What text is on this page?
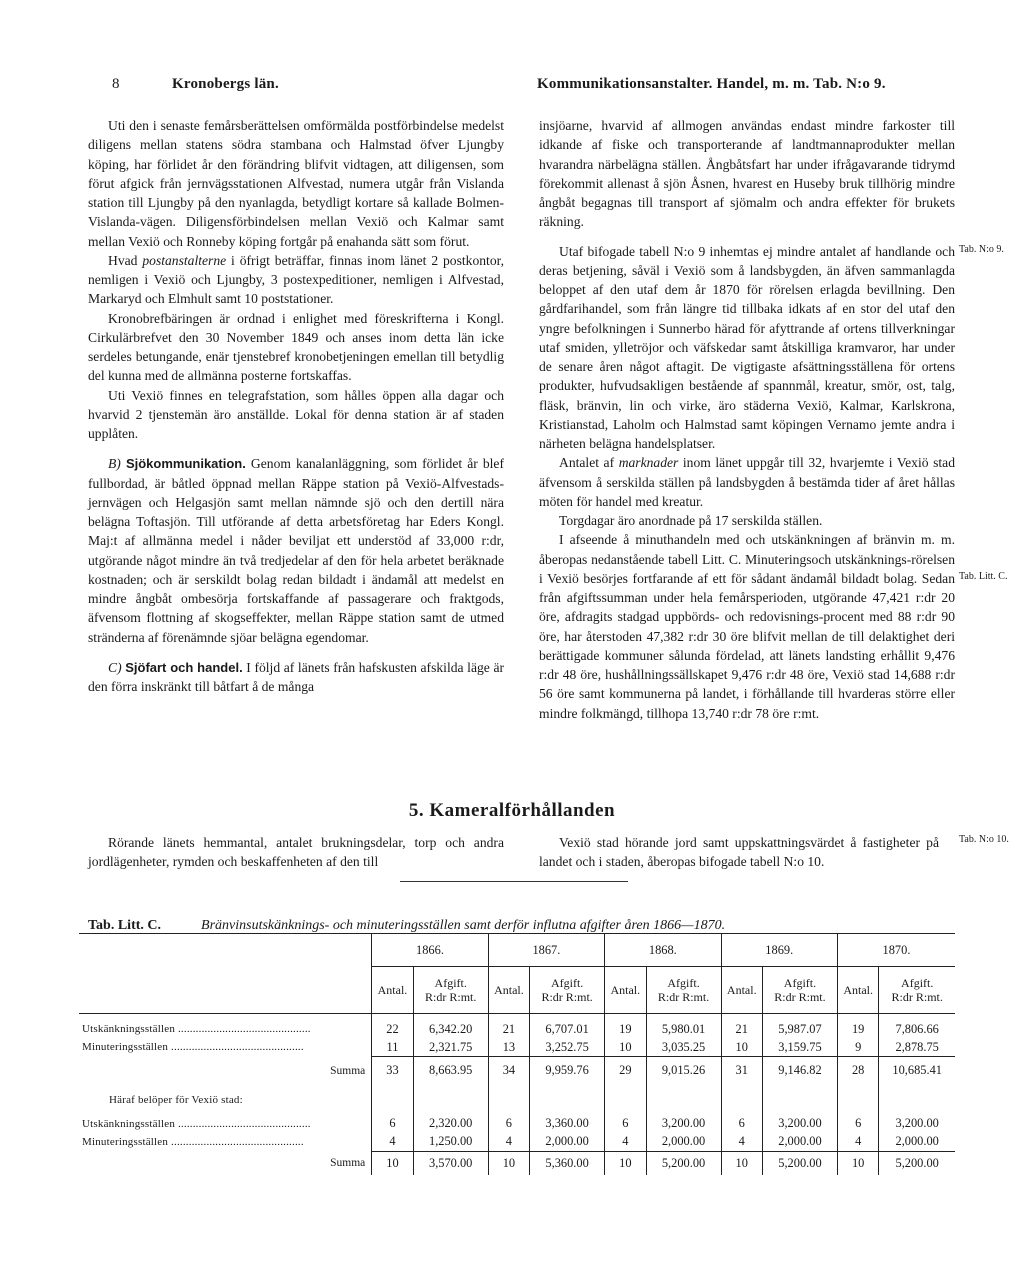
8	Kronobergs län.	Kommunikationsanstalter. Handel, m. m. Tab. N:o 9.

Uti den i senaste femårsberättelsen omförmälda postförbindelse medelst diligens mellan statens södra stambana och Halmstad öfver Ljungby köping, har förlidet år den förändring blifvit vidtagen, att diligensen, som förut afgick från jernvägsstationen Alfvestad, numera utgår från Vislanda station till Ljungby på den nyanlagda, betydligt kortare så kallade Bolmen-Vislanda-vägen. Diligensförbindelsen mellan Vexiö och Kalmar samt mellan Vexiö och Ronneby köping fortgår på enahanda sätt som förut.

Hvad postanstalterne i öfrigt beträffar, finnas inom länet 2 postkontor, nemligen i Vexiö och Ljungby, 3 postexpeditioner, nemligen i Alfvestad, Markaryd och Elmhult samt 10 poststationer.

Kronobrefbäringen är ordnad i enlighet med föreskrifterna i Kongl. Cirkulärbrefvet den 30 November 1849 och anses inom detta län icke serdeles betungande, enär tjenstebref kronobetjeningen emellan till betydlig del kunna med de allmänna posterne fortskaffas.

Uti Vexiö finnes en telegrafstation, som hålles öppen alla dagar och hvarvid 2 tjenstemän äro anställde. Lokal för denna station är af staden upplåten.

B) Sjökommunikation. Genom kanalanläggning, som förlidet år blef fullbordad, är båtled öppnad mellan Räppe station på Vexiö-Alfvestads-jernvägen och Helgasjön samt mellan nämnde sjö och den dertill nära belägna Toftasjön. Till utförande af detta arbetsföretag har Eders Kongl. Maj:t af allmänna medel i nåder beviljat ett understöd af 33,000 r:dr, utgörande något mindre än två tredjedelar af den för hela arbetet beräknade kostnaden; och är serskildt bolag redan bildadt i ändamål att medelst en mindre ångbåt ombesörja fortskaffande af passagerare och fraktgods, äfvensom flottning af skogseffekter, mellan Räppe station samt de utmed stränderna af förenämnde sjöar belägna egendomar.

C) Sjöfart och handel. I följd af länets från hafskusten afskilda läge är den förra inskränkt till båtfart å de många

insjöarne, hvarvid af allmogen användas endast mindre farkoster till idkande af fiske och transporterande af landtmannaprodukter mellan hvarandra närbelägna ställen. Ångbåtsfart har under ifrågavarande tidrymd förekommit allenast å sjön Åsnen, hvarest en Huseby bruk tillhörig mindre ångbåt begagnas till transport af sjömalm och andra effekter för brukets räkning.

Utaf bifogade tabell N:o 9 inhemtas ej mindre antalet af handlande och deras betjening, såväl i Vexiö som å landsbygden, än äfven sammanlagda beloppet af den utaf dem år 1870 för rörelsen erlagda bevillning. Den gårdfarihandel, som från längre tid tillbaka idkats af en stor del utaf den yngre befolkningen i Sunnerbo härad för afyttrande af ortens tillverkningar utaf smiden, ylletröjor och väfskedar samt åtskilliga kramvaror, har under de senare åren något aftagit. De vigtigaste afsättningsställena för ortens produkter, hufvudsakligen bestående af spannmål, kreatur, smör, ost, talg, fläsk, bränvin, lin och virke, äro städerna Vexiö, Kalmar, Karlskrona, Kristianstad, Laholm och Halmstad samt köpingen Vernamo jemte andra i närheten belägna handelsplatser.

Antalet af marknader inom länet uppgår till 32, hvarjemte i Vexiö stad äfvensom å serskilda ställen på landsbygden å bestämda tider af året hållas möten för handel med kreatur.

Torgdagar äro anordnade på 17 serskilda ställen.

I afseende å minuthandeln med och utskänkningen af bränvin m. m. åberopas nedanstående tabell Litt. C. Minuteringsoch utskänknings-rörelsen i Vexiö besörjes fortfarande af ett för sådant ändamål bildadt bolag. Sedan från afgiftssumman under hela femårsperioden, utgörande 47,421 r:dr 20 öre, afdragits stadgad uppbörds- och redovisnings-procent med 88 r:dr 90 öre, har återstoden 47,382 r:dr 30 öre blifvit mellan de till delaktighet deri berättigade kommuner sålunda fördelad, att länets landsting erhållit 9,476 r:dr 48 öre, hushållningssällskapet 9,476 r:dr 48 öre, Vexiö stad 14,688 r:dr 56 öre samt kommunerna på landet, i förhållande till hvarderas större eller mindre folkmängd, tillhopa 13,740 r:dr 78 öre r:mt.

Tab. N:o 9.
Tab. Litt. C.
5. Kameralförhållanden

Rörande länets hemmantal, antalet brukningsdelar, torp och andra jordlägenheter, rymden och beskaffenheten af den till

Vexiö stad hörande jord samt uppskattningsvärdet å fastigheter på landet och i staden, åberopas bifogade tabell N:o 10.

Tab. N:o 10.
Tab. Litt. C.	Bränvinsutskänknings- och minuteringsställen samt derför influtna afgifter åren 1866—1870.
	1866.		1867.		1868.		1869.		1870.	
	Antal.	Afgift.
R:dr R:mt.	Antal.	Afgift.
R:dr R:mt.	Antal.	Afgift.
R:dr R:mt.	Antal.	Afgift.
R:dr R:mt.	Antal.	Afgift.
R:dr R:mt.
Utskänkningsställen .............................................	22	6,342.20	21	6,707.01	19	5,980.01	21	5,987.07	19	7,806.66
Minuteringsställen .............................................	11	2,321.75	13	3,252.75	10	3,035.25	10	3,159.75	9	2,878.75
Summa	33	8,663.95	34	9,959.76	29	9,015.26	31	9,146.82	28	10,685.41
Häraf belöper för Vexiö stad:										
Utskänkningsställen .............................................	6	2,320.00	6	3,360.00	6	3,200.00	6	3,200.00	6	3,200.00
Minuteringsställen .............................................	4	1,250.00	4	2,000.00	4	2,000.00	4	2,000.00	4	2,000.00
Summa	10	3,570.00	10	5,360.00	10	5,200.00	10	5,200.00	10	5,200.00
